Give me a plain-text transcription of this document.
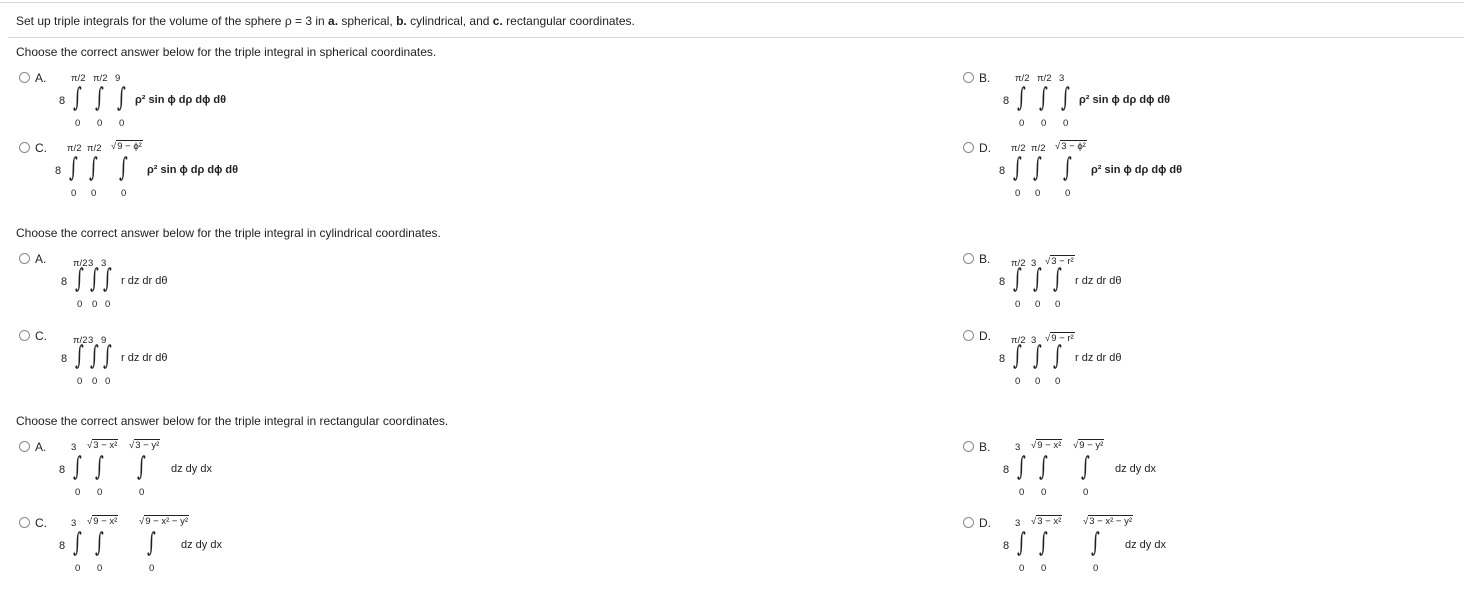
Set up triple integrals for the volume of the sphere ρ = 3 in a. spherical, b. cylindrical, and c. rectangular coordinates.
Choose the correct answer below for the triple integral in spherical coordinates.
Choose the correct answer below for the triple integral in cylindrical coordinates.
Choose the correct answer below for the triple integral in rectangular coordinates.
A.
8
π/2
∫
0
π/2
∫
0
9
∫
0
ρ² sin ϕ dρ dϕ dθ
B.
8
π/2
∫
0
π/2
∫
0
3
∫
0
ρ² sin ϕ dρ dϕ dθ
C.
8
π/2
∫
0
π/2
∫
0
√9 − ϕ²
∫
0
ρ² sin ϕ dρ dϕ dθ
D.
8
π/2
∫
0
π/2
∫
0
√3 − ϕ²
∫
0
ρ² sin ϕ dρ dϕ dθ
A.
8
π/2
∫
0
3
∫
0
3
∫
0
r dz dr dθ
B.
8
π/2
∫
0
3
∫
0
√3 − r²
∫
0
r dz dr dθ
C.
8
π/2
∫
0
3
∫
0
9
∫
0
r dz dr dθ
D.
8
π/2
∫
0
3
∫
0
√9 − r²
∫
0
r dz dr dθ
A.
8
3
∫
0
√3 − x²
∫
0
√3 − y²
∫
0
dz dy dx
B.
8
3
∫
0
√9 − x²
∫
0
√9 − y²
∫
0
dz dy dx
C.
8
3
∫
0
√9 − x²
∫
0
√9 − x² − y²
∫
0
dz dy dx
D.
8
3
∫
0
√3 − x²
∫
0
√3 − x² − y²
∫
0
dz dy dx
